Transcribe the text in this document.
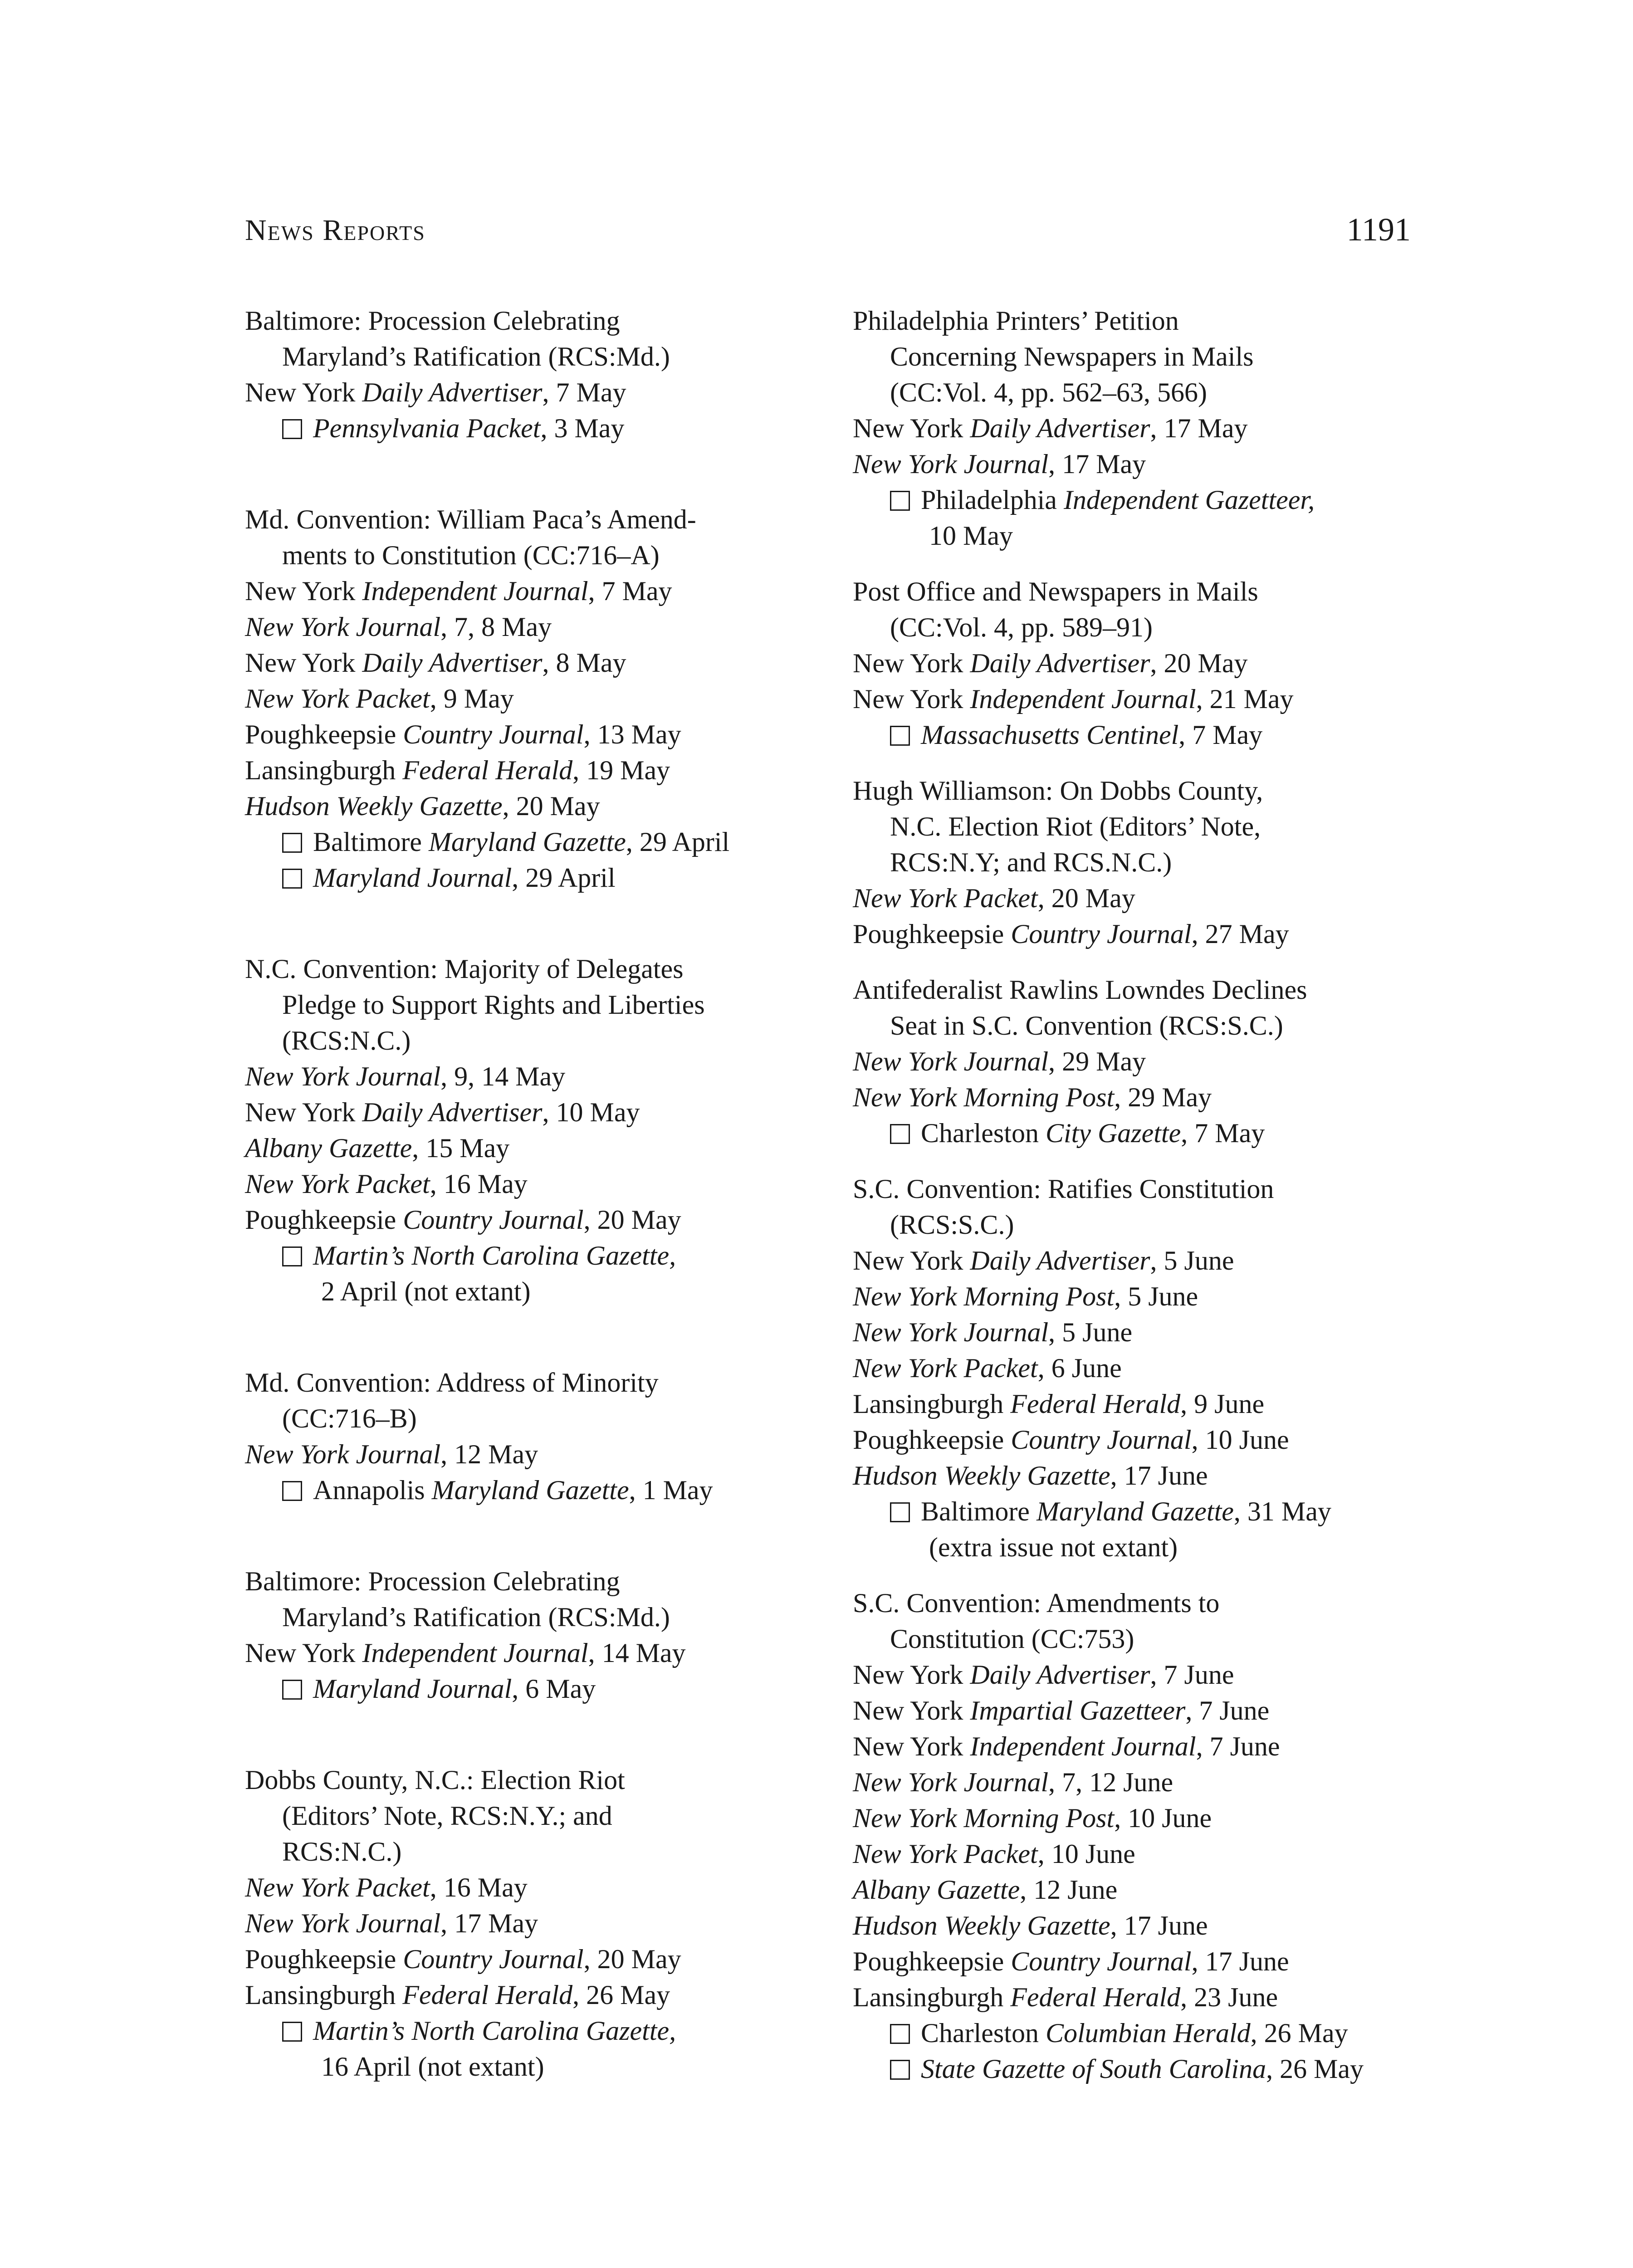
News Reports	1191
Baltimore: Procession Celebrating
Maryland’s Ratification (RCS:Md.)
New York Daily Advertiser, 7 May
Pennsylvania Packet, 3 May
Md. Convention: William Paca’s Amend-
ments to Constitution (CC:716–A)
New York Independent Journal, 7 May
New York Journal, 7, 8 May
New York Daily Advertiser, 8 May
New York Packet, 9 May
Poughkeepsie Country Journal, 13 May
Lansingburgh Federal Herald, 19 May
Hudson Weekly Gazette, 20 May
Baltimore Maryland Gazette, 29 April
Maryland Journal, 29 April
N.C. Convention: Majority of Delegates
Pledge to Support Rights and Liberties
(RCS:N.C.)
New York Journal, 9, 14 May
New York Daily Advertiser, 10 May
Albany Gazette, 15 May
New York Packet, 16 May
Poughkeepsie Country Journal, 20 May
Martin’s North Carolina Gazette,
2 April (not extant)
Md. Convention: Address of Minority
(CC:716–B)
New York Journal, 12 May
Annapolis Maryland Gazette, 1 May
Baltimore: Procession Celebrating
Maryland’s Ratification (RCS:Md.)
New York Independent Journal, 14 May
Maryland Journal, 6 May
Dobbs County, N.C.: Election Riot
(Editors’ Note, RCS:N.Y.; and
RCS:N.C.)
New York Packet, 16 May
New York Journal, 17 May
Poughkeepsie Country Journal, 20 May
Lansingburgh Federal Herald, 26 May
Martin’s North Carolina Gazette,
16 April (not extant)
Philadelphia Printers’ Petition
Concerning Newspapers in Mails
(CC:Vol. 4, pp. 562–63, 566)
New York Daily Advertiser, 17 May
New York Journal, 17 May
Philadelphia Independent Gazetteer,
10 May
Post Office and Newspapers in Mails
(CC:Vol. 4, pp. 589–91)
New York Daily Advertiser, 20 May
New York Independent Journal, 21 May
Massachusetts Centinel, 7 May
Hugh Williamson: On Dobbs County,
N.C. Election Riot (Editors’ Note,
RCS:N.Y; and RCS.N.C.)
New York Packet, 20 May
Poughkeepsie Country Journal, 27 May
Antifederalist Rawlins Lowndes Declines
Seat in S.C. Convention (RCS:S.C.)
New York Journal, 29 May
New York Morning Post, 29 May
Charleston City Gazette, 7 May
S.C. Convention: Ratifies Constitution
(RCS:S.C.)
New York Daily Advertiser, 5 June
New York Morning Post, 5 June
New York Journal, 5 June
New York Packet, 6 June
Lansingburgh Federal Herald, 9 June
Poughkeepsie Country Journal, 10 June
Hudson Weekly Gazette, 17 June
Baltimore Maryland Gazette, 31 May
(extra issue not extant)
S.C. Convention: Amendments to
Constitution (CC:753)
New York Daily Advertiser, 7 June
New York Impartial Gazetteer, 7 June
New York Independent Journal, 7 June
New York Journal, 7, 12 June
New York Morning Post, 10 June
New York Packet, 10 June
Albany Gazette, 12 June
Hudson Weekly Gazette, 17 June
Poughkeepsie Country Journal, 17 June
Lansingburgh Federal Herald, 23 June
Charleston Columbian Herald, 26 May
State Gazette of South Carolina, 26 May
